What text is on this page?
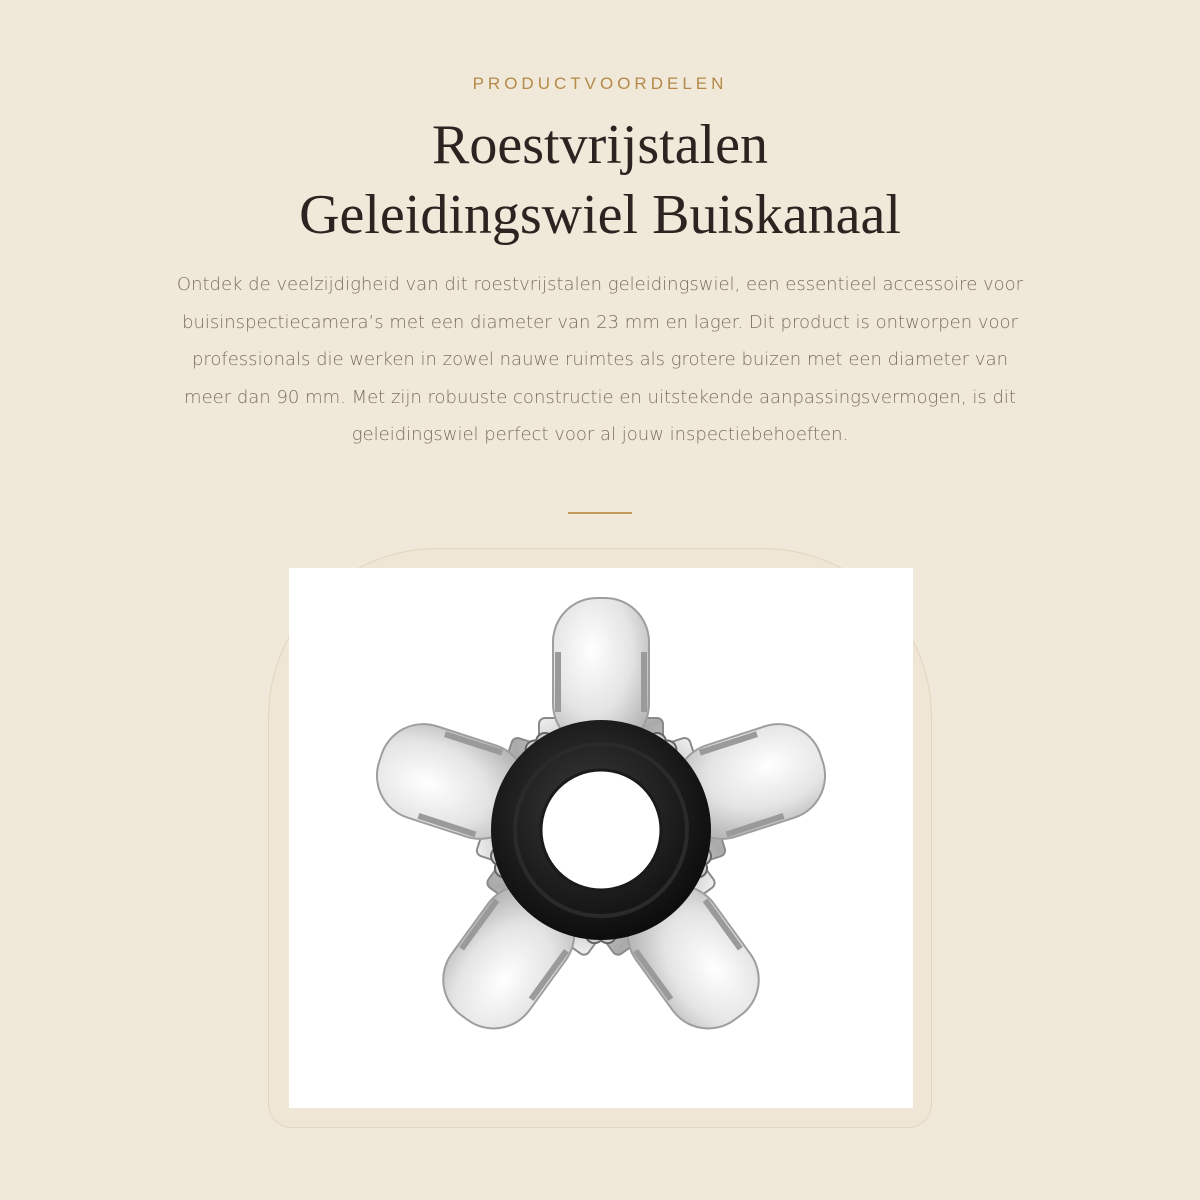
PRODUCTVOORDELEN
Roestvrijstalen
Geleidingswiel Buiskanaal

Ontdek de veelzijdigheid van dit roestvrijstalen geleidingswiel, een essentieel accessoire voor buisinspectiecamera’s met een diameter van 23 mm en lager. Dit product is ontworpen voor professionals die werken in zowel nauwe ruimtes als grotere buizen met een diameter van meer dan 90 mm. Met zijn robuuste constructie en uitstekende aanpassingsvermogen, is dit geleidingswiel perfect voor al jouw inspectiebehoeften.
